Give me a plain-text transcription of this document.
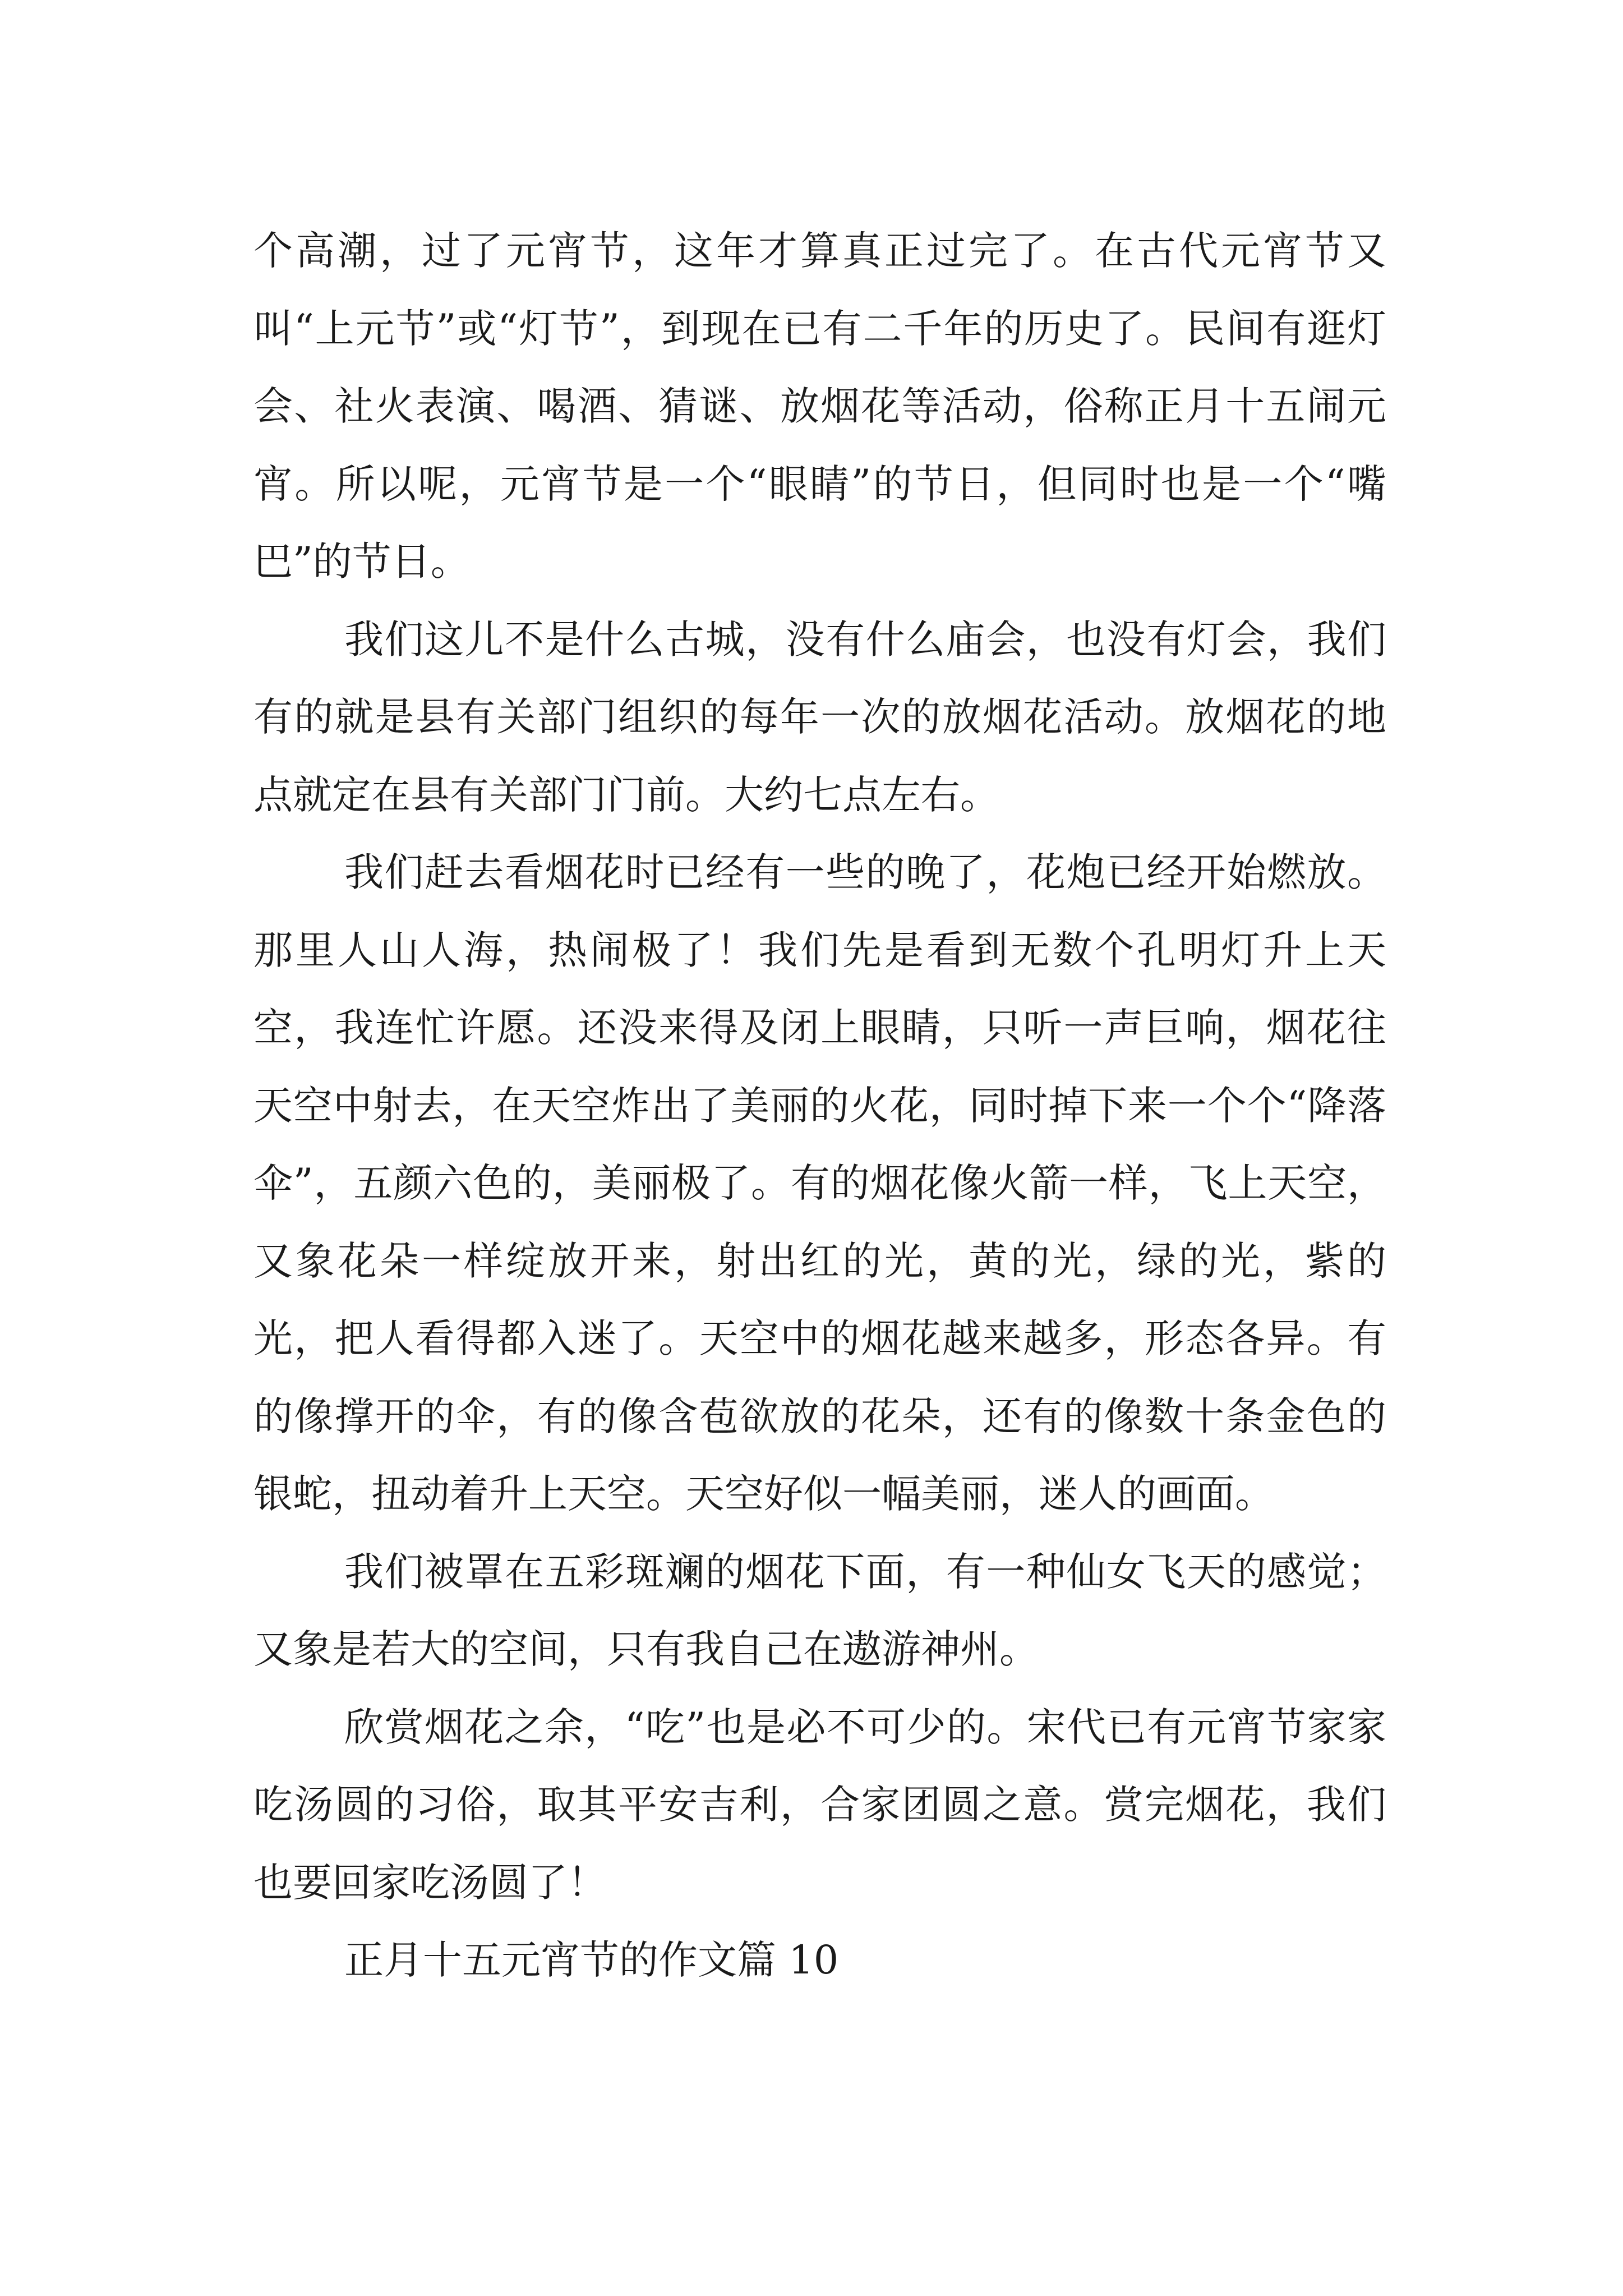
个高潮，过了元宵节，这年才算真正过完了。在古代元宵节又叫“上元节”或“灯节”，到现在已有二千年的历史了。民间有逛灯会、社火表演、喝酒、猜谜、放烟花等活动，俗称正月十五闹元宵。所以呢，元宵节是一个“眼睛”的节日，但同时也是一个“嘴巴”的节日。

我们这儿不是什么古城，没有什么庙会，也没有灯会，我们有的就是县有关部门组织的每年一次的放烟花活动。放烟花的地点就定在县有关部门门前。大约七点左右。

我们赶去看烟花时已经有一些的晚了，花炮已经开始燃放。那里人山人海，热闹极了！我们先是看到无数个孔明灯升上天空，我连忙许愿。还没来得及闭上眼睛，只听一声巨响，烟花往天空中射去，在天空炸出了美丽的火花，同时掉下来一个个“降落伞”，五颜六色的，美丽极了。有的烟花像火箭一样，飞上天空，又象花朵一样绽放开来，射出红的光，黄的光，绿的光，紫的光，把人看得都入迷了。天空中的烟花越来越多，形态各异。有的像撑开的伞，有的像含苞欲放的花朵，还有的像数十条金色的银蛇，扭动着升上天空。天空好似一幅美丽，迷人的画面。

我们被罩在五彩斑斓的烟花下面，有一种仙女飞天的感觉；又象是若大的空间，只有我自己在遨游神州。

欣赏烟花之余，“吃”也是必不可少的。宋代已有元宵节家家吃汤圆的习俗，取其平安吉利，合家团圆之意。赏完烟花，我们也要回家吃汤圆了！

正月十五元宵节的作文篇 10
